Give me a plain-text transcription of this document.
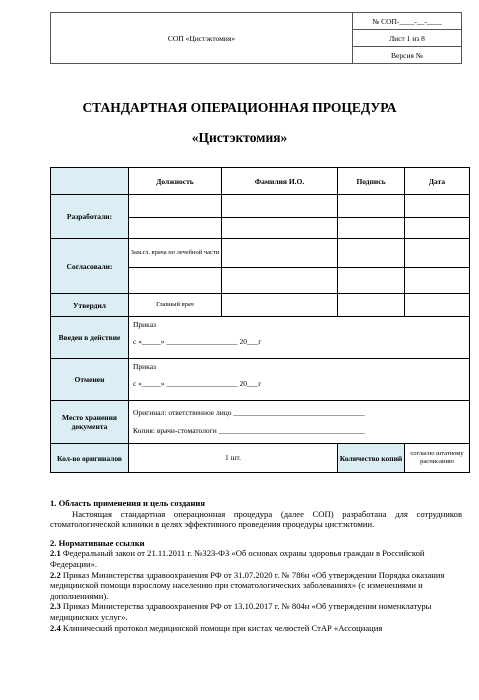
СОП «Цистэктомия»
№ СОП-____-__-____
Лист 1 из 8
Версия №
СТАНДАРТНАЯ ОПЕРАЦИОННАЯ ПРОЦЕДУРА
«Цистэктомия»
	Должность	Фамилия И.О.	Подпись	Дата
Разработали:				

Согласовали:	Зам.гл. врача по лечебной части			

Утвердил	Главный врач			
Введен в действие	Приказ
с «_____» ___________________ 20___г			

Отменен	Приказ
с «_____» ___________________ 20___г			

Место хранения документа	Оригинал: ответственное лицо ___________________________________
Копия: врачи-стоматологи _______________________________________			

Кол-во оригиналов	1 шт.		Количество копий	согласно штатному расписанию

1. Область применения и цель создания

Настоящая стандартная операционная процедура (далее СОП) разработана для сотрудников стоматологической клиники в целях эффективного проведения процедуры цистэктомии.

2. Нормативные ссылки

2.1 Федеральный закон от 21.11.2011 г. №323-ФЗ «Об основах охраны здоровья граждан в Российской Федерации».

2.2 Приказ Министерства здравоохранения РФ от 31.07.2020 г. № 786н «Об утверждении Порядка оказания медицинской помощи взрослому населению при стоматологических заболеваниях» (с изменениями и дополнениями).

2.3 Приказ Министерства здравоохранения РФ от 13.10.2017 г. № 804н «Об утверждении номенклатуры медицинских услуг».

2.4 Клинический протокол медицинской помощи при кистах челюстей СтАР «Ассоциация
